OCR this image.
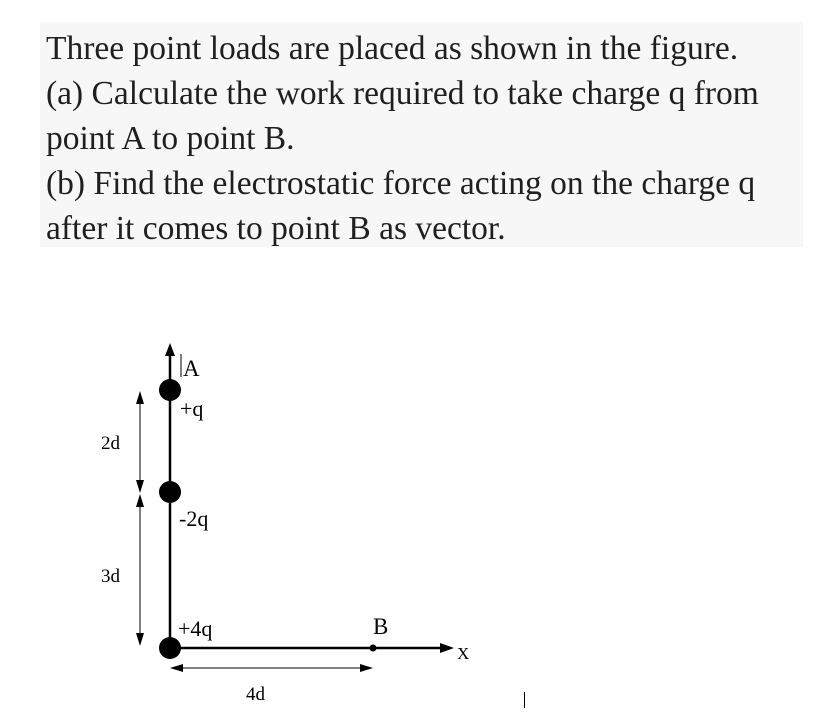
Three point loads are placed as shown in the figure.

(a) Calculate the work required to take charge q from

point A to point B.

(b) Find the electrostatic force acting on the charge q

after it comes to point B as vector.

A
+q
-2q
+4q	B
X
2d
3d
4d
